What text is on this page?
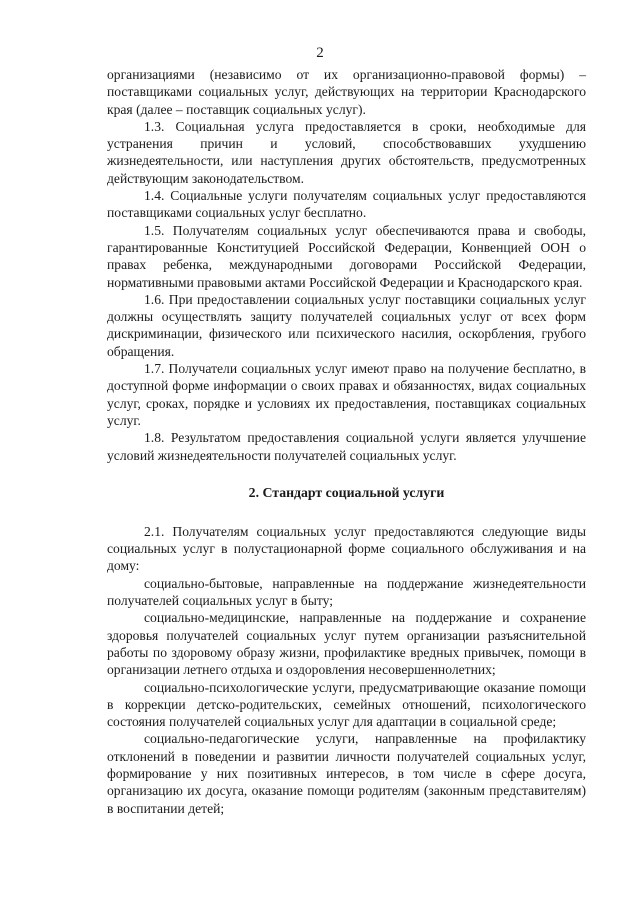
2

организациями (независимо от их организационно-правовой формы) – поставщиками социальных услуг, действующих на территории Краснодарского края (далее – поставщик социальных услуг).

1.3. Социальная услуга предоставляется в сроки, необходимые для устранения причин и условий, способствовавших ухудшению жизнедеятельности, или наступления других обстоятельств, предусмотренных действующим законодательством.

1.4. Социальные услуги получателям социальных услуг предоставляются поставщиками социальных услуг бесплатно.

1.5. Получателям социальных услуг обеспечиваются права и свободы, гарантированные Конституцией Российской Федерации, Конвенцией ООН о правах ребенка, международными договорами Российской Федерации, нормативными правовыми актами Российской Федерации и Краснодарского края.

1.6. При предоставлении социальных услуг поставщики социальных услуг должны осуществлять защиту получателей социальных услуг от всех форм дискриминации, физического или психического насилия, оскорбления, грубого обращения.

1.7. Получатели социальных услуг имеют право на получение бесплатно, в доступной форме информации о своих правах и обязанностях, видах социальных услуг, сроках, порядке и условиях их предоставления, поставщиках социальных услуг.

1.8. Результатом предоставления социальной услуги является улучшение условий жизнедеятельности получателей социальных услуг.

2. Стандарт социальной услуги

2.1. Получателям социальных услуг предоставляются следующие виды социальных услуг в полустационарной форме социального обслуживания и на дому:

социально-бытовые, направленные на поддержание жизнедеятельности получателей социальных услуг в быту;

социально-медицинские, направленные на поддержание и сохранение здоровья получателей социальных услуг путем организации разъяснительной работы по здоровому образу жизни, профилактике вредных привычек, помощи в организации летнего отдыха и оздоровления несовершеннолетних;

социально-психологические услуги, предусматривающие оказание помощи в коррекции детско-родительских, семейных отношений, психологического состояния получателей социальных услуг для адаптации в социальной среде;

социально-педагогические услуги, направленные на профилактику отклонений в поведении и развитии личности получателей социальных услуг, формирование у них позитивных интересов, в том числе в сфере досуга, организацию их досуга, оказание помощи родителям (законным представителям) в воспитании детей;
